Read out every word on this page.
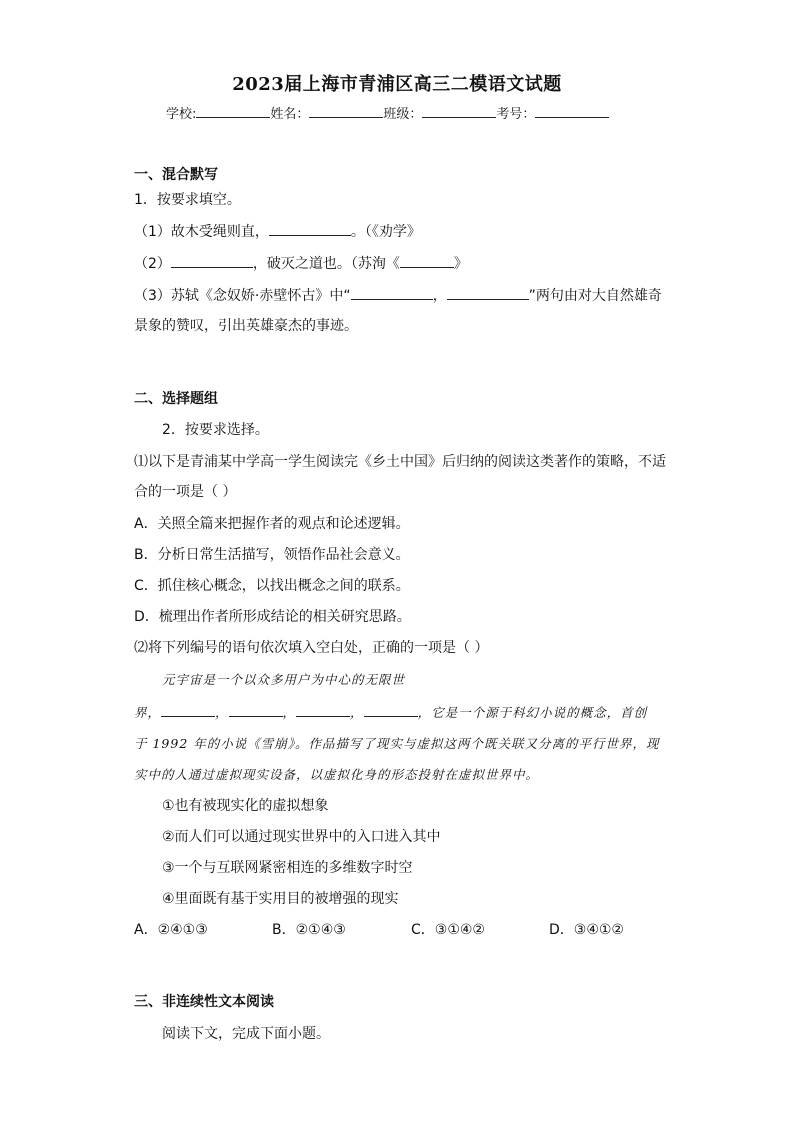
2023届上海市青浦区高三二模语文试题
学校:	姓名：	班级：	考号：
一、混合默写
1．按要求填空。
（1）故木受绳则直，	。（《劝学》
（2）	，破灭之道也。（苏洵《	》
（3）苏轼《念奴娇·赤壁怀古》中“	，	”两句由对大自然雄奇
景象的赞叹，引出英雄豪杰的事迹。
二、选择题组
2．按要求选择。
⑴以下是青浦某中学高一学生阅读完《乡土中国》后归纳的阅读这类著作的策略，不适
合的一项是（ ）
A．关照全篇来把握作者的观点和论述逻辑。
B．分析日常生活描写，领悟作品社会意义。
C．抓住核心概念，以找出概念之间的联系。
D．梳理出作者所形成结论的相关研究思路。
⑵将下列编号的语句依次填入空白处，正确的一项是（ ）
元宇宙是一个以众多用户为中心的无限世
界，	，	，	，	，它是一个源于科幻小说的概念，首创
于 1992 年的小说《雪崩》。作品描写了现实与虚拟这两个既关联又分离的平行世界，现
实中的人通过虚拟现实设备，以虚拟化身的形态投射在虚拟世界中。
①也有被现实化的虚拟想象
②而人们可以通过现实世界中的入口进入其中
③一个与互联网紧密相连的多维数字时空
④里面既有基于实用目的被增强的现实
A．②④①③	B．②①④③	C．③①④②	D．③④①②
三、非连续性文本阅读
阅读下文，完成下面小题。
